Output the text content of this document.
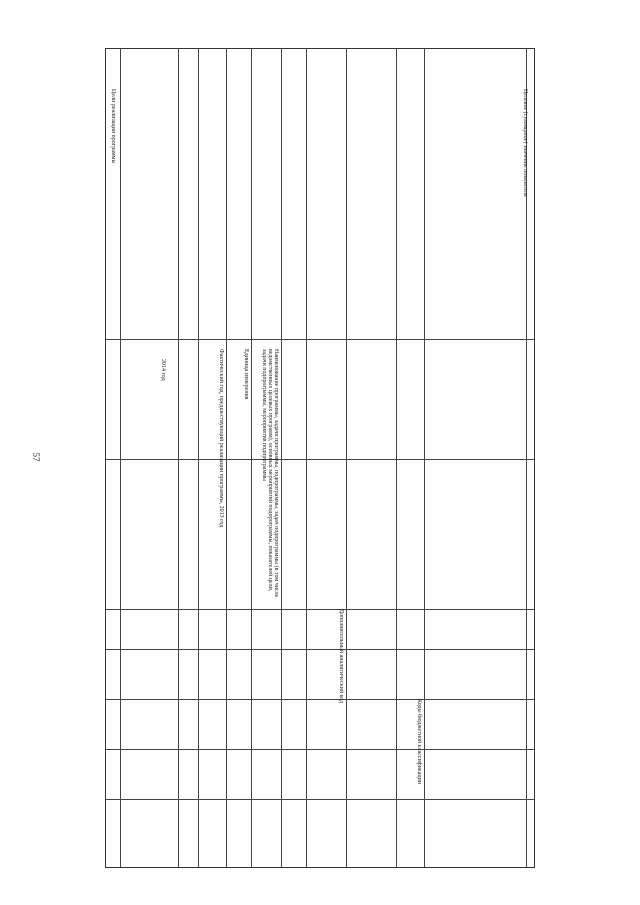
57
Цели реализации программы
Фактический год, предшествующий реализации программы, 2013 год	Единица измерения	Наименование программы, задачи программы, подпрограммы, задач подпрограммы (в том числе ведомственных целевых программ), основных мероприятий подпрограммы, показателей цели, задачи подпрограммы, мероприятия подпрограммы
Дополнительный аналитический код
Коды бюджетной классификации
Целевое (суммарное) значение показателя
2014 год
